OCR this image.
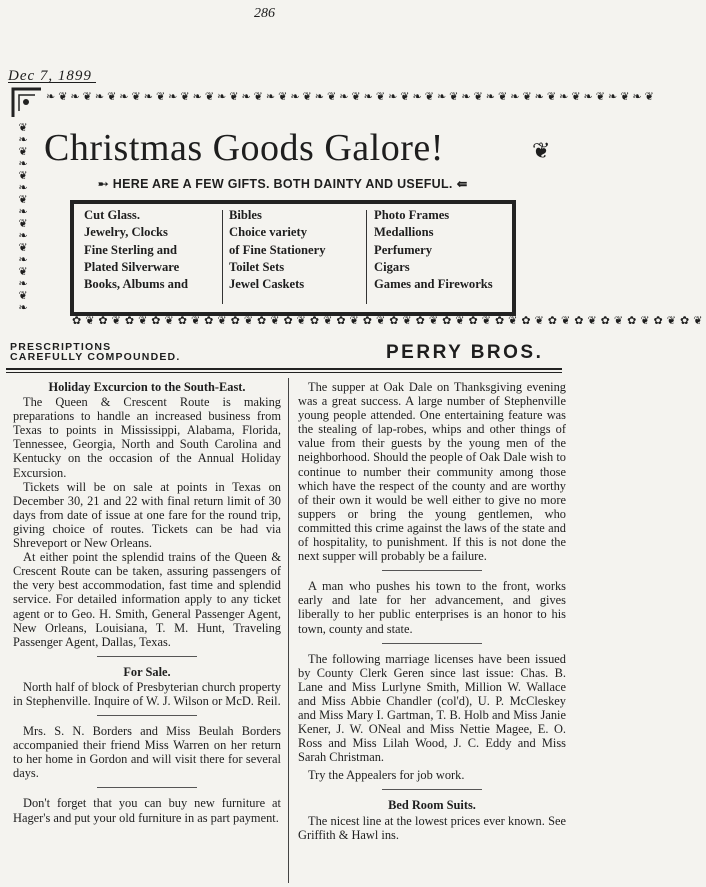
286
Dec 7, 1899
❧❦❧❦❧❦❧❦❧❦❧❦❧❦❧❦❧❦❧❦❧❦❧❦❧❦❧❦❧❦❧❦❧❦❧❦❧❦❧❦❧❦❧❦❧❦❧❦❧❦
❦
❧
❦
❧
❦
❧
❦
❧
❦
❧
❦
❧
❦
❧
❦
❧
Christmas Goods Galore!	❦
➸ HERE ARE A FEW GIFTS. BOTH DAINTY AND USEFUL. ⇚
Cut Glass.
Jewelry, Clocks
Fine Sterling and
Plated Silverware
Books, Albums and
Bibles
Choice variety
of Fine Stationery
Toilet Sets
Jewel Caskets
Photo Frames
Medallions
Perfumery
Cigars
Games and Fireworks
✿❦✿❦✿❦✿❦✿❦✿❦✿❦✿❦✿❦✿❦✿❦✿❦✿❦✿❦✿❦✿❦✿❦✿❦✿❦✿❦✿❦✿❦✿❦✿❦
PRESCRIPTIONS
CAREFULLY COMPOUNDED.	PERRY BROS.
Holiday Excurcion to the South-East.

The Queen & Crescent Route is making preparations to handle an increased business from Texas to points in Mississippi, Alabama, Florida, Tennessee, Georgia, North and South Carolina and Kentucky on the occasion of the Annual Holiday Excursion.

Tickets will be on sale at points in Texas on December 30, 21 and 22 with final return limit of 30 days from date of issue at one fare for the round trip, giving choice of routes. Tickets can be had via Shreveport or New Orleans.

At either point the splendid trains of the Queen & Crescent Route can be taken, assuring passengers of the very best accommodation, fast time and splendid service. For detailed information apply to any ticket agent or to Geo. H. Smith, General Passenger Agent, New Orleans, Louisiana, T. M. Hunt, Traveling Passenger Agent, Dallas, Texas.

For Sale.

North half of block of Presbyterian church property in Stephenville. Inquire of W. J. Wilson or McD. Reil.

Mrs. S. N. Borders and Miss Beulah Borders accompanied their friend Miss Warren on her return to her home in Gordon and will visit there for several days.

Don't forget that you can buy new furniture at Hager's and put your old furniture in as part payment.

The supper at Oak Dale on Thanksgiving evening was a great success. A large number of Stephenville young people attended. One entertaining feature was the stealing of lap-robes, whips and other things of value from their guests by the young men of the neighborhood. Should the people of Oak Dale wish to continue to number their community among those which have the respect of the county and are worthy of their own it would be well either to give no more suppers or bring the young gentlemen, who committed this crime against the laws of the state and of hospitality, to punishment. If this is not done the next supper will probably be a failure.

A man who pushes his town to the front, works early and late for her advancement, and gives liberally to her public enterprises is an honor to his town, county and state.

The following marriage licenses have been issued by County Clerk Geren since last issue: Chas. B. Lane and Miss Lurlyne Smith, Million W. Wallace and Miss Abbie Chandler (col'd), U. P. McCleskey and Miss Mary I. Gartman, T. B. Holb and Miss Janie Kener, J. W. ONeal and Miss Nettie Magee, E. O. Ross and Miss Lilah Wood, J. C. Eddy and Miss Sarah Christman.

Try the Appealers for job work.

Bed Room Suits.

The nicest line at the lowest prices ever known. See Griffith & Hawl ins.
